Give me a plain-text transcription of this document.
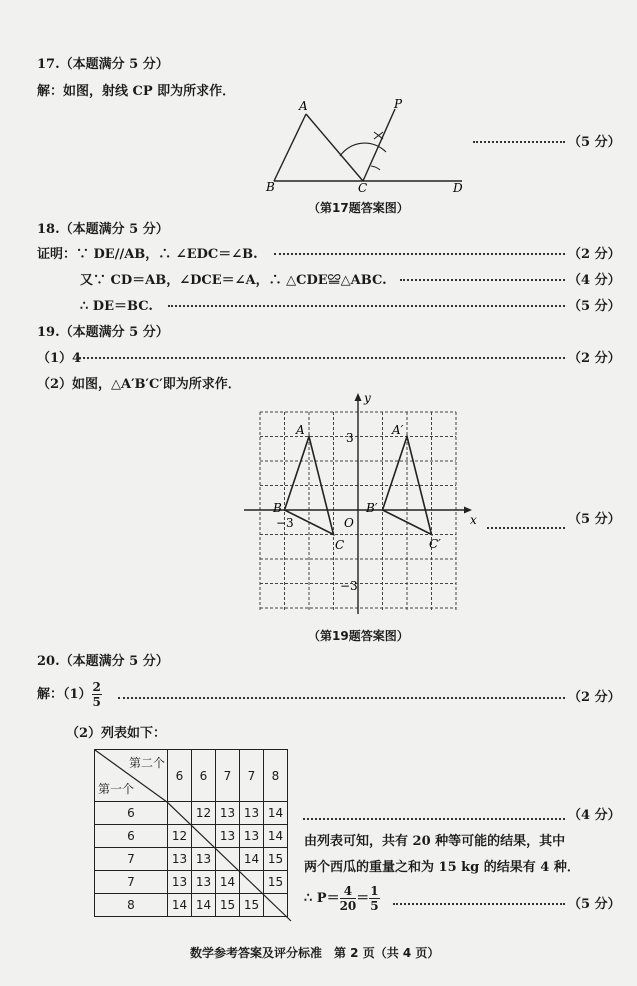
17.（本题满分 5 分）
解：如图，射线 CP 即为所求作．
（5 分）
A
B	C	D
P
（第17题答案图）
18.（本题满分 5 分）
证明：∵ DE//AB，∴ ∠EDC＝∠B.	（2 分）
又∵ CD＝AB，∠DCE＝∠A，∴ △CDE≌△ABC.	（4 分）
∴ DE＝BC.	（5 分）
19.（本题满分 5 分）
（1）4	（2 分）
（2）如图，△A′B′C′即为所求作．
y
x
O
−3
3
−3
A
B
C
A′
B′
C′
（5 分）
（第19题答案图）
20.（本题满分 5 分）
解：$(1) \frac{2}{5}$	（2 分）
（2）列表如下：
第二个
第一个	6	6	7	7	8
6		12	13	13	14
6	12		13	13	14
7	13	13		14	15
7	13	13	14		15
8	14	14	15	15	
（4 分）
由列表可知，共有 20 种等可能的结果，其中
两个西瓜的重量之和为 15 kg 的结果有 4 种．
∴ $P= \frac{4}{20} = \frac{1}{5}$	（5 分）
数学参考答案及评分标准　第 2 页（共 4 页）
